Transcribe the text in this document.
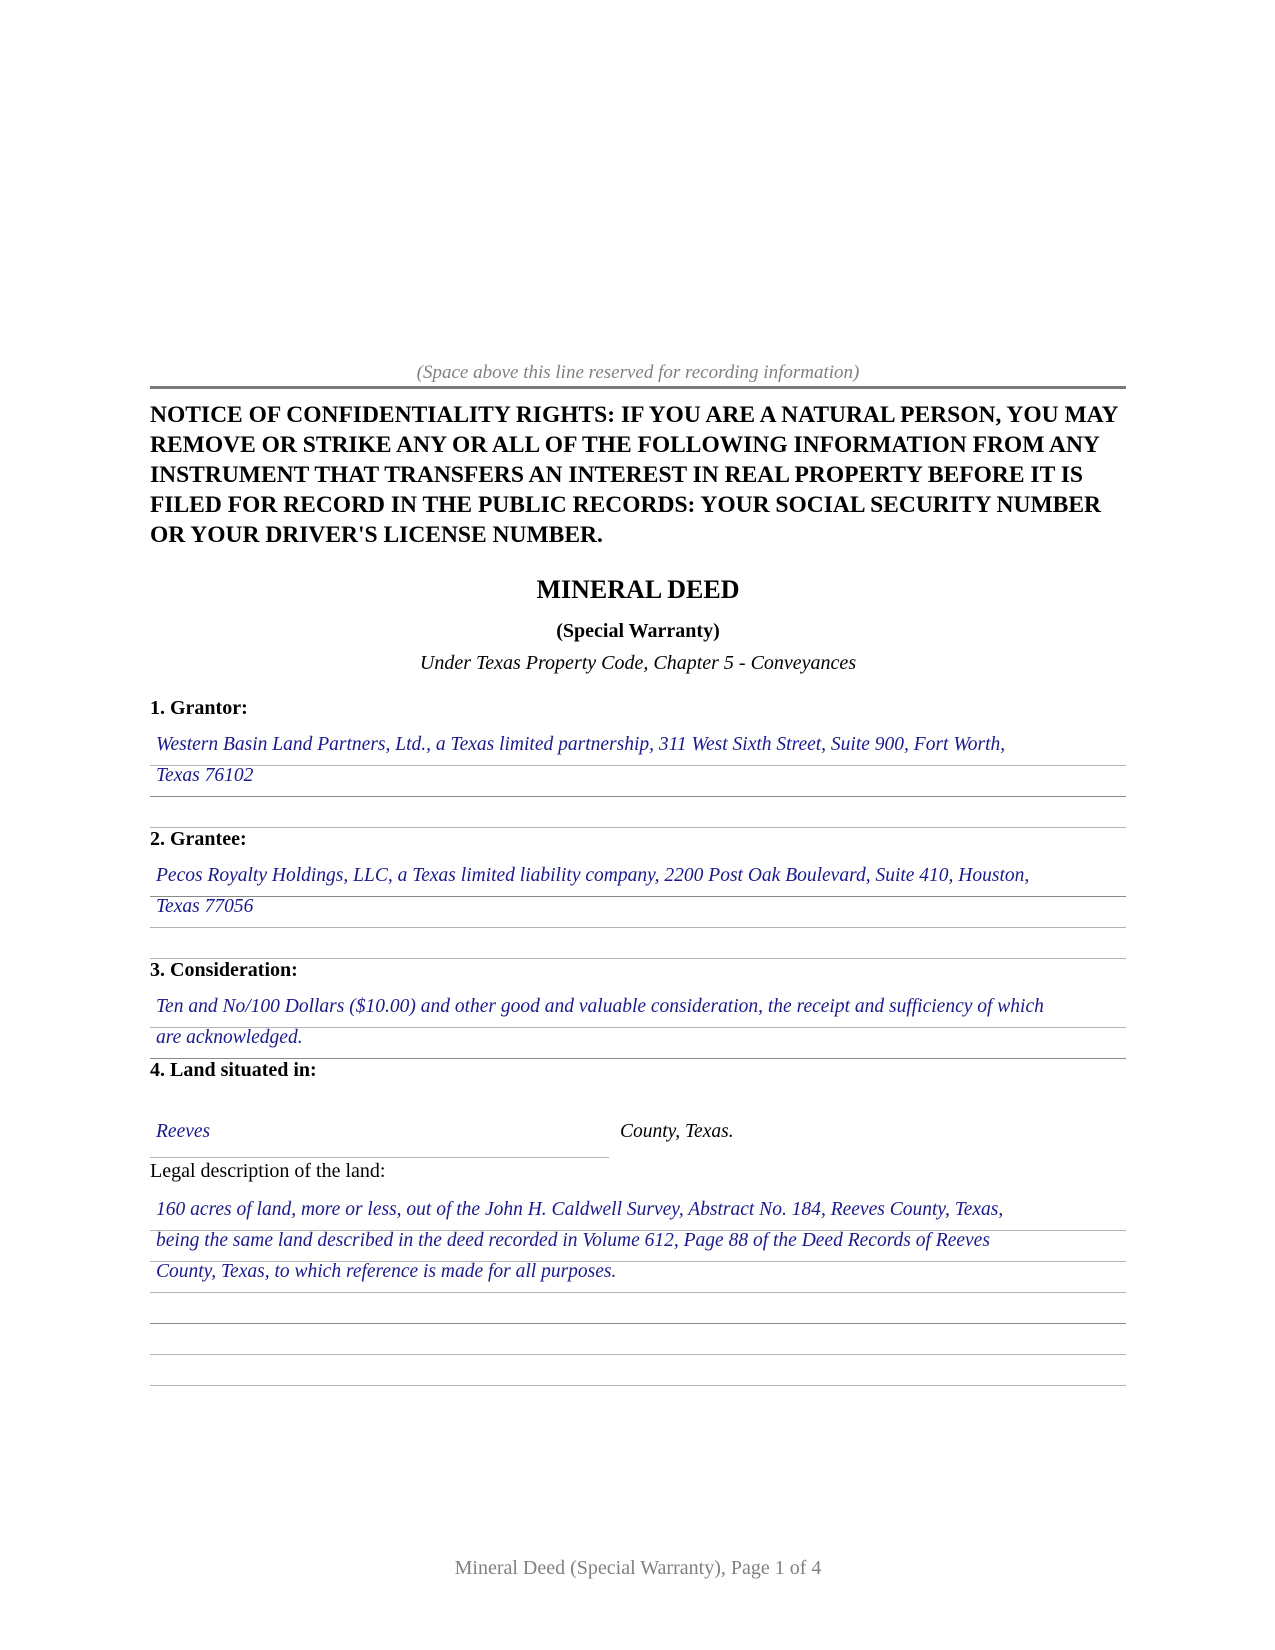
(Space above this line reserved for recording information)

NOTICE OF CONFIDENTIALITY RIGHTS: IF YOU ARE A NATURAL PERSON, YOU MAY REMOVE OR STRIKE ANY OR ALL OF THE FOLLOWING INFORMATION FROM ANY INSTRUMENT THAT TRANSFERS AN INTEREST IN REAL PROPERTY BEFORE IT IS FILED FOR RECORD IN THE PUBLIC RECORDS: YOUR SOCIAL SECURITY NUMBER OR YOUR DRIVER'S LICENSE NUMBER.

MINERAL DEED
(Special Warranty)
Under Texas Property Code, Chapter 5 - Conveyances
1. Grantor:
Western Basin Land Partners, Ltd., a Texas limited partnership, 311 West Sixth Street, Suite 900, Fort Worth,
Texas 76102
2. Grantee:
Pecos Royalty Holdings, LLC, a Texas limited liability company, 2200 Post Oak Boulevard, Suite 410, Houston,
Texas 77056
3. Consideration:
Ten and No/100 Dollars ($10.00) and other good and valuable consideration, the receipt and sufficiency of which
are acknowledged.
4. Land situated in:
Reeves	County, Texas.
Legal description of the land:
160 acres of land, more or less, out of the John H. Caldwell Survey, Abstract No. 184, Reeves County, Texas,
being the same land described in the deed recorded in Volume 612, Page 88 of the Deed Records of Reeves
County, Texas, to which reference is made for all purposes.
Mineral Deed (Special Warranty), Page 1 of 4
